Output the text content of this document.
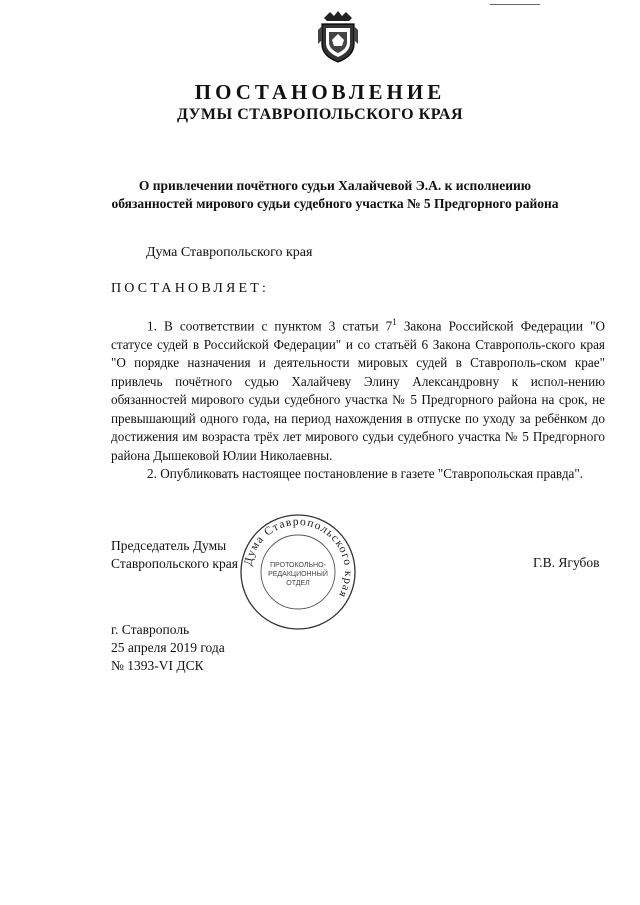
ПОСТАНОВЛЕНИЕ
ДУМЫ СТАВРОПОЛЬСКОГО КРАЯ
О привлечении почётного судьи Халайчевой Э.А. к исполнеиию
обязанностей мирового судьи судебного участка № 5 Предгорного района
Дума Ставропольского края
ПОСТАНОВЛЯЕТ:

1. В соответствии с пунктом 3 статьи $7^1$ Закона Российской Федерации "О статусе судей в Российской Федерации" и со статьёй 6 Закона Ставрополь-ского края "О порядке назначения и деятельности мировых судей в Ставрополь-ском крае" привлечь почётного судью Халайчеву Элину Александровну к испол-нению обязанностей мирового судьи судебного участка № 5 Предгорного района на срок, не превышающий одного года, на период нахождения в отпуске по уходу за ребёнком до достижения им возраста трёх лет мирового судьи судебного участка № 5 Предгорного района Дышековой Юлии Николаевны.

2. Опубликовать настоящее постановление в газете "Ставропольская правда".

Председатель Думы
Ставропольского края	Г.В. Ягубов
Дума Ставропольского края
ПРОТОКОЛЬНО-
РЕДАКЦИОННЫЙ
ОТДЕЛ
г. Ставрополь
25 апреля 2019 года
№ 1393-VI ДСК
